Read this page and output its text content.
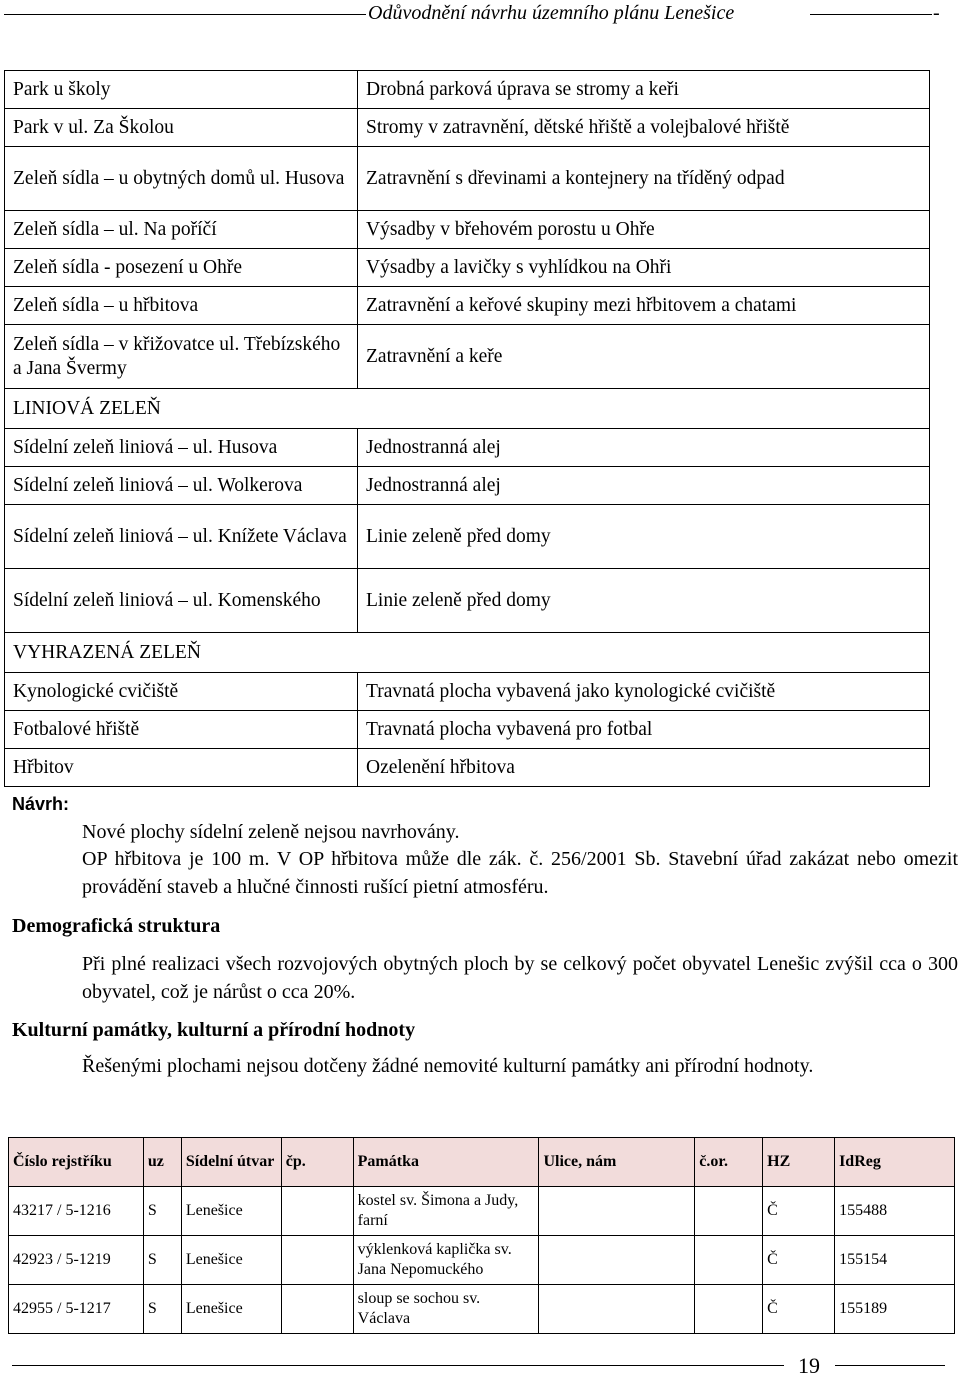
Odůvodnění návrhu územního plánu Lenešice	-
Park u školy	Drobná parková úprava se stromy a keři
Park v ul. Za Školou	Stromy v zatravnění, dětské hřiště a volejbalové hřiště
Zeleň sídla – u obytných domů ul. Husova	Zatravnění s dřevinami a kontejnery na tříděný odpad
Zeleň sídla – ul. Na poříčí	Výsadby v břehovém porostu u Ohře
Zeleň sídla - posezení u Ohře	Výsadby a lavičky s vyhlídkou na Ohři
Zeleň sídla – u hřbitova	Zatravnění a keřové skupiny mezi hřbitovem a chatami
Zeleň sídla – v křižovatce ul. Třebízského a Jana Švermy	Zatravnění a keře
LINIOVÁ ZELEŇ	
Sídelní zeleň liniová – ul. Husova	Jednostranná alej
Sídelní zeleň liniová – ul. Wolkerova	Jednostranná alej
Sídelní zeleň liniová – ul. Knížete Václava	Linie zeleně před domy
Sídelní zeleň liniová – ul. Komenského	Linie zeleně před domy
VYHRAZENÁ ZELEŇ	
Kynologické cvičiště	Travnatá plocha vybavená jako kynologické cvičiště
Fotbalové hřiště	Travnatá plocha vybavená pro fotbal
Hřbitov	Ozelenění hřbitova
Návrh:
Nové plochy sídelní zeleně nejsou navrhovány.
OP hřbitova je 100 m. V OP hřbitova může dle zák. č. 256/2001 Sb. Stavební úřad zakázat nebo omezit provádění staveb a hlučné činnosti rušící pietní atmosféru.
Demografická struktura
Při plné realizaci všech rozvojových obytných ploch by se celkový počet obyvatel Lenešic zvýšil cca o 300 obyvatel, což je nárůst o cca 20%.
Kulturní památky, kulturní a přírodní hodnoty
Řešenými plochami nejsou dotčeny žádné nemovité kulturní památky ani přírodní hodnoty.
Číslo rejstříku	uz	Sídelní útvar	čp.	Památka	Ulice, nám	č.or.	HZ	IdReg
43217 / 5-1216	S	Lenešice		kostel sv. Šimona a Judy, farní			Č	155488
42923 / 5-1219	S	Lenešice		výklenková kaplička sv. Jana Nepomuckého			Č	155154
42955 / 5-1217	S	Lenešice		sloup se sochou sv. Václava			Č	155189
19
